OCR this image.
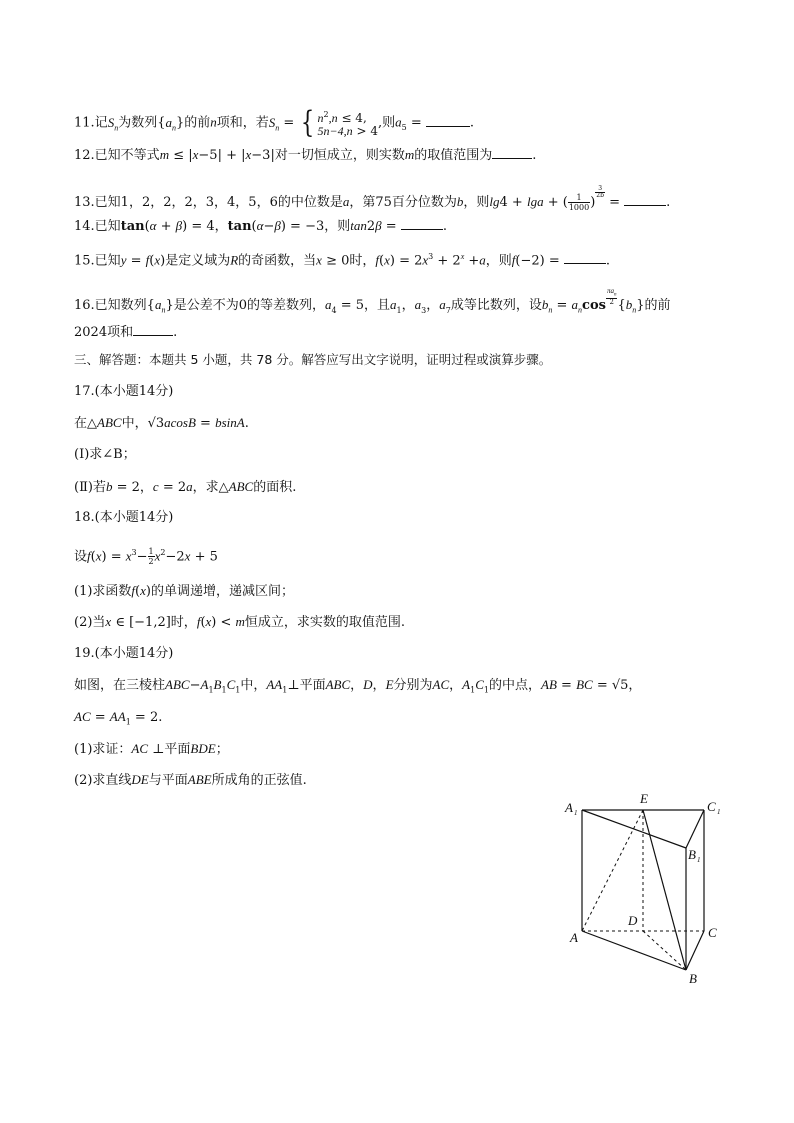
11.记$S_n$为数列$\{a_n\}$的前n项和，若$S_n$ = { $n^2,n \le 4$,
5n−4,n > 4,则$a_5$ =	.
12.已知不等式m ≤ |x−5| + |x−3|对一切恒成立，则实数m的取值范围为	.
13.已知1，2，2，2，3，4，5，6的中位数是a，第75百分位数为b，则lg4 + lga + ( $\frac{1}{1000}$ )
$^{\frac{3}{2b}}$
=	.
14.已知tan(α + β) = 4，tan(α−β) = −3，则tan2β =	.
15.已知y = f(x)是定义域为R的奇函数，当x ≥ 0时，$f(x) = 2x^3 + 2^x +a$，则f(−2) =	.
16.已知数列$\{a_n\}$是公差不为0的等差数列，$a_4 = 5$，且$a_1$，$a_3$，$a_7$成等比数列，设$b_n = a_n\cos$ $^{\frac{\pi a_n}{2}}$ $\{b_n\}$的前
2024项和	.
三、解答题：本题共 5 小题，共 78 分。解答应写出文字说明，证明过程或演算步骤。
17.(本小题14分)
在△ABC中，√3acosB = bsinA.
(Ⅰ)求∠B；
(Ⅱ)若b = 2，c = 2a，求△ABC的面积.
18.(本小题14分)
设$f(x) = x^3- \frac{1}{2} x^2-2x + 5$
(1)求函数f(x)的单调递增，递减区间；
(2)当x ∈ [−1,2]时，f(x) < m恒成立，求实数的取值范围.
19.(本小题14分)
如图，在三棱柱$ABC-A_1B_1C_1$中，$AA_1\perp$平面ABC，D，E分别为AC，$A_1C_1$的中点，AB = BC = √5，
AC = $AA_1 = 2$.
(1)求证：AC ⊥平面BDE；
(2)求直线DE与平面ABE所成角的正弦值.
A 1
E
C 1
B 1
D
A	C
B
